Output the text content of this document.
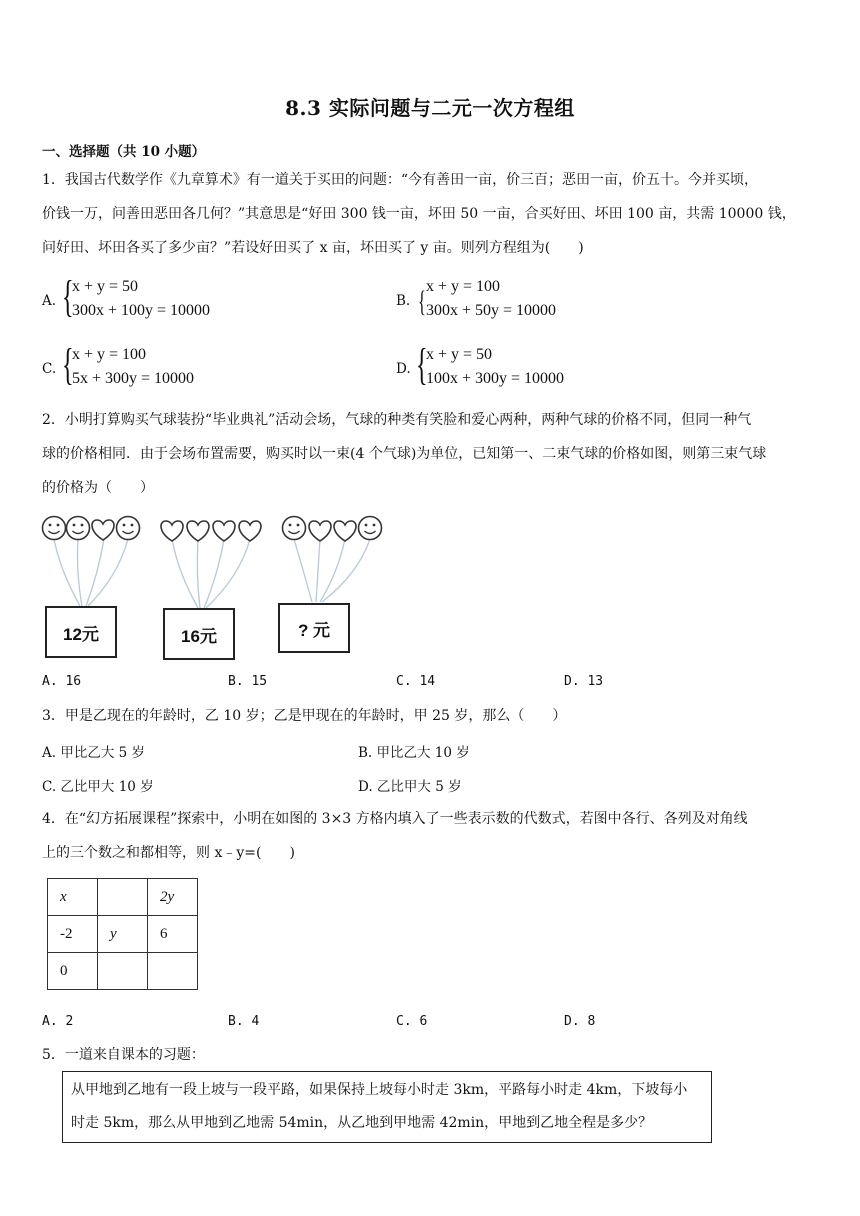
8.3 实际问题与二元一次方程组
一、选择题（共 10 小题）
1．我国古代数学作《九章算术》有一道关于买田的问题：“今有善田一亩，价三百；恶田一亩，价五十。今并买顷，
价钱一万，问善田恶田各几何？”其意思是“好田 300 钱一亩，坏田 50 一亩，合买好田、坏田 100 亩，共需 10000 钱，
问好田、坏田各买了多少亩？”若设好田买了 x 亩，坏田买了 y 亩。则列方程组为(　　)
A. {
x + y = 50
300x + 100y = 10000
B. { x + y = 100
300x + 50y = 10000
C. {
x + y = 100
5x + 300y = 10000
D. {
x + y = 50
100x + 300y = 10000
2．小明打算购买气球装扮“毕业典礼”活动会场，气球的种类有笑脸和爱心两种，两种气球的价格不同，但同一种气
球的价格相同．由于会场布置需要，购买时以一束(4 个气球)为单位，已知第一、二束气球的价格如图，则第三束气球
的价格为（　　）
12元	16元	? 元
A. 16	B. 15	C. 14	D. 13
3．甲是乙现在的年龄时，乙 10 岁；乙是甲现在的年龄时，甲 25 岁，那么（　　）
A. 甲比乙大 5 岁	B. 甲比乙大 10 岁
C. 乙比甲大 10 岁	D. 乙比甲大 5 岁
4．在“幻方拓展课程”探索中，小明在如图的 3×3 方格内填入了一些表示数的代数式，若图中各行、各列及对角线
上的三个数之和都相等，则 x﹣y=(　　)
x		2y
-2	y	6
0		
A. 2	B. 4	C. 6	D. 8
5．一道来自课本的习题：
从甲地到乙地有一段上坡与一段平路，如果保持上坡每小时走 3km，平路每小时走 4km，下坡每小
时走 5km，那么从甲地到乙地需 54min，从乙地到甲地需 42min，甲地到乙地全程是多少？
